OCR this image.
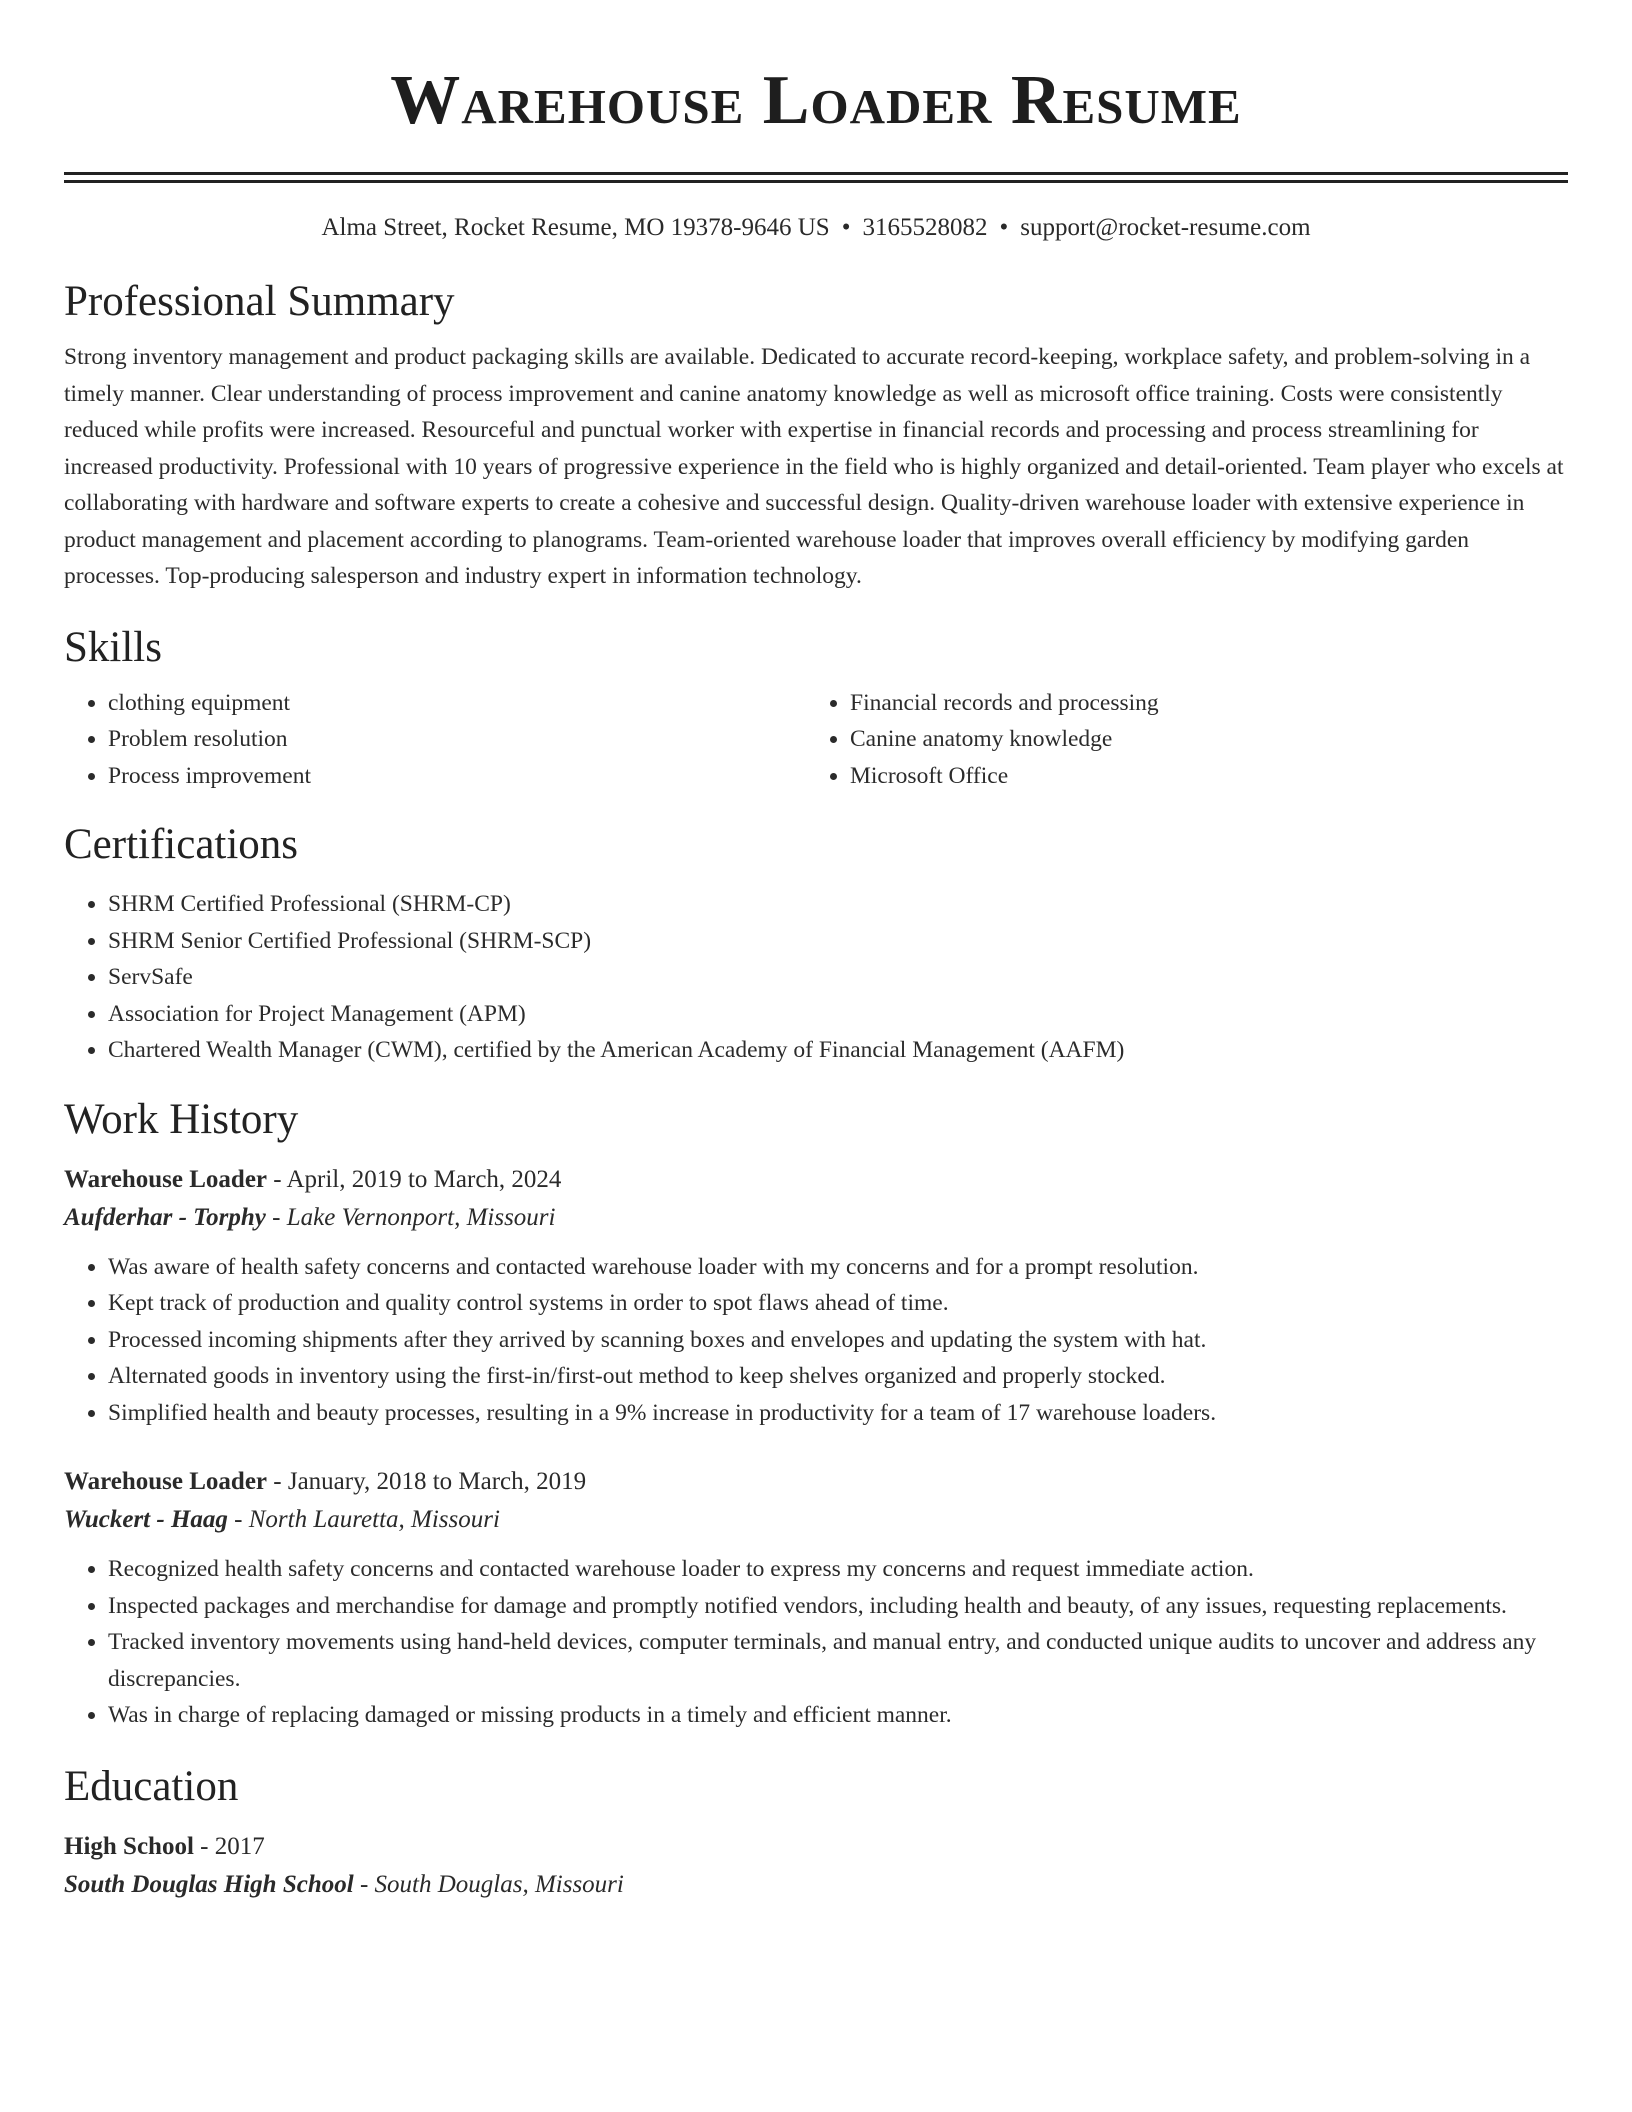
Warehouse Loader Resume
Alma Street, Rocket Resume, MO 19378-9646 US • 3165528082 • support@rocket-resume.com
Professional Summary

Strong inventory management and product packaging skills are available. Dedicated to accurate record-keeping, workplace safety, and problem-solving in a timely manner. Clear understanding of process improvement and canine anatomy knowledge as well as microsoft office training. Costs were consistently reduced while profits were increased. Resourceful and punctual worker with expertise in financial records and processing and process streamlining for increased productivity. Professional with 10 years of progressive experience in the field who is highly organized and detail-oriented. Team player who excels at collaborating with hardware and software experts to create a cohesive and successful design. Quality-driven warehouse loader with extensive experience in product management and placement according to planograms. Team-oriented warehouse loader that improves overall efficiency by modifying garden processes. Top-producing salesperson and industry expert in information technology.

Skills
• clothing equipment
• Problem resolution
• Process improvement
• Financial records and processing
• Canine anatomy knowledge
• Microsoft Office
Certifications
• SHRM Certified Professional (SHRM-CP)
• SHRM Senior Certified Professional (SHRM-SCP)
• ServSafe
• Association for Project Management (APM)
• Chartered Wealth Manager (CWM), certified by the American Academy of Financial Management (AAFM)
Work History
Warehouse Loader - April, 2019 to March, 2024
Aufderhar - Torphy - Lake Vernonport, Missouri
• Was aware of health safety concerns and contacted warehouse loader with my concerns and for a prompt resolution.
• Kept track of production and quality control systems in order to spot flaws ahead of time.
• Processed incoming shipments after they arrived by scanning boxes and envelopes and updating the system with hat.
• Alternated goods in inventory using the first-in/first-out method to keep shelves organized and properly stocked.
• Simplified health and beauty processes, resulting in a 9% increase in productivity for a team of 17 warehouse loaders.
Warehouse Loader - January, 2018 to March, 2019
Wuckert - Haag - North Lauretta, Missouri
• Recognized health safety concerns and contacted warehouse loader to express my concerns and request immediate action.
• Inspected packages and merchandise for damage and promptly notified vendors, including health and beauty, of any issues, requesting replacements.
• Tracked inventory movements using hand-held devices, computer terminals, and manual entry, and conducted unique audits to uncover and address any discrepancies.
• Was in charge of replacing damaged or missing products in a timely and efficient manner.
Education
High School - 2017
South Douglas High School - South Douglas, Missouri
